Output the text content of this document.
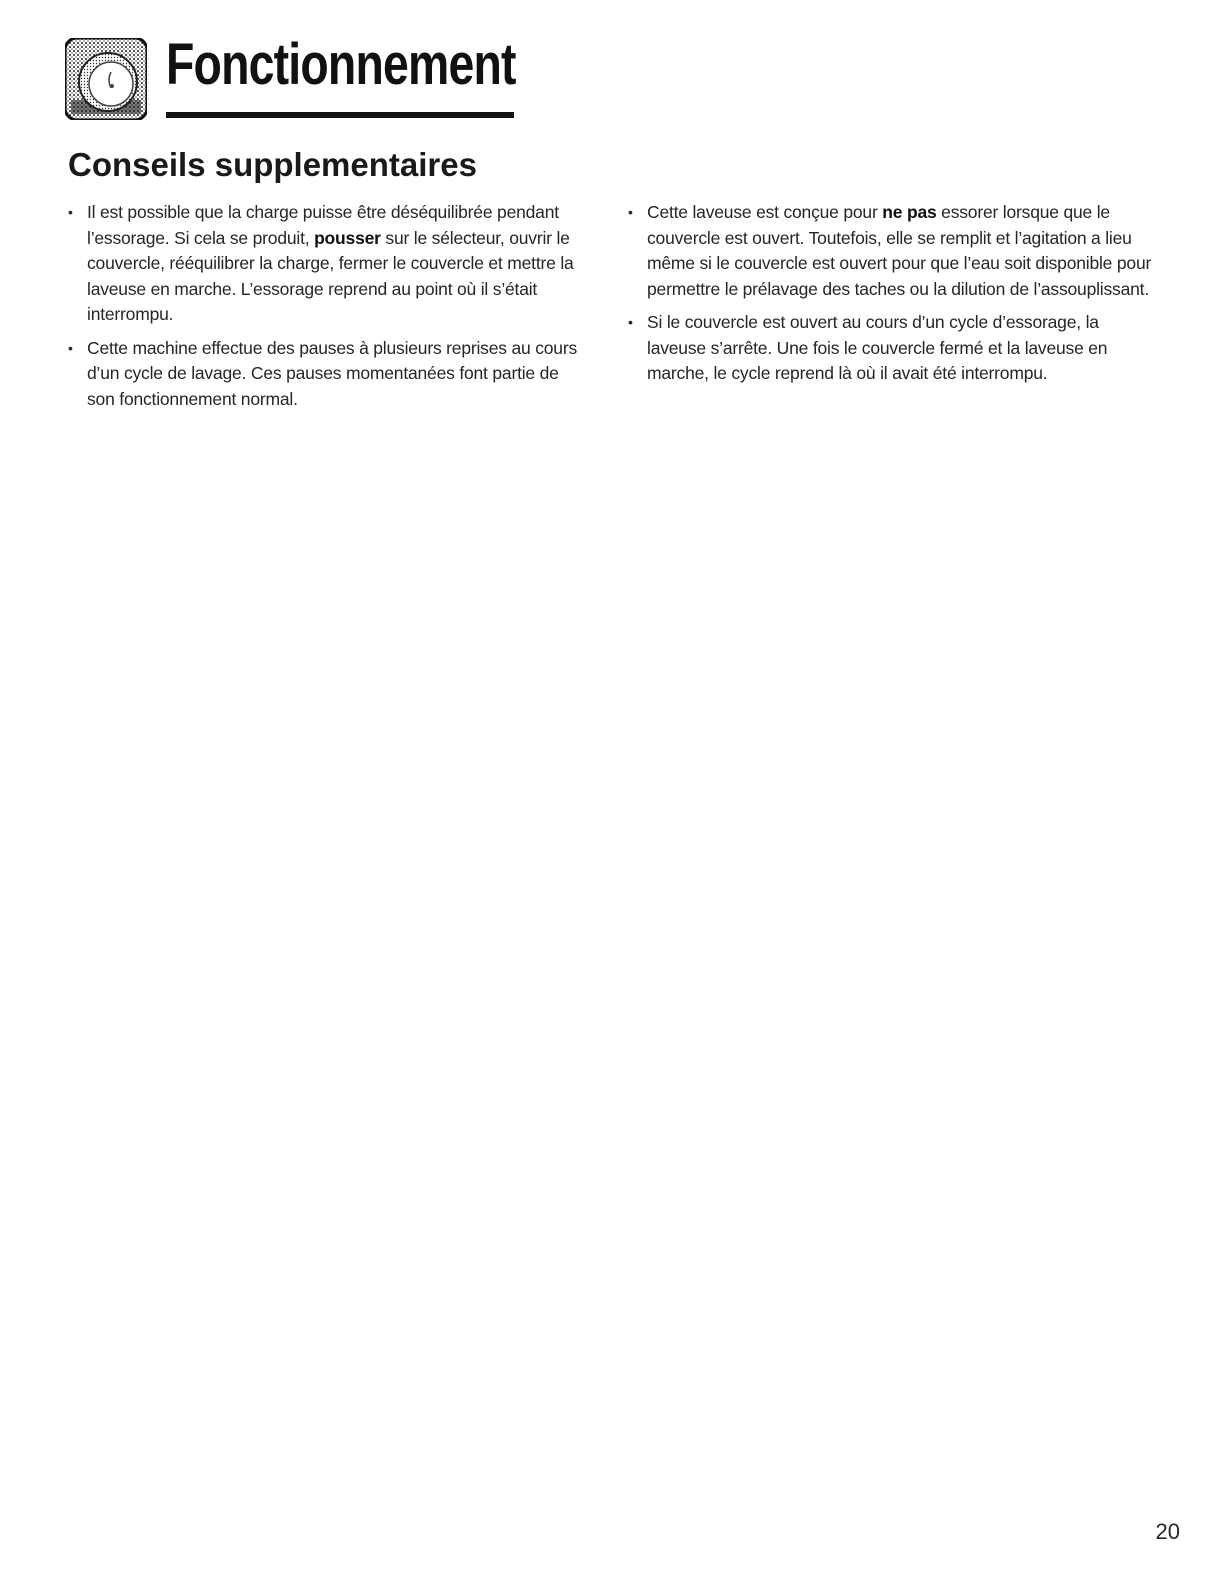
Fonctionnement
Conseils supplementaires
• Il est possible que la charge puisse être déséquilibrée pendant l’essorage. Si cela se produit, pousser sur le sélecteur, ouvrir le couvercle, rééquilibrer la charge, fermer le couvercle et mettre la laveuse en marche. L’essorage reprend au point où il s’était interrompu.
• Cette machine effectue des pauses à plusieurs reprises au cours d’un cycle de lavage. Ces pauses momentanées font partie de son fonctionnement normal.
• Cette laveuse est conçue pour ne pas essorer lorsque que le couvercle est ouvert. Toutefois, elle se remplit et l’agitation a lieu même si le couvercle est ouvert pour que l’eau soit disponible pour permettre le prélavage des taches ou la dilution de l’assouplissant.
• Si le couvercle est ouvert au cours d’un cycle d’essorage, la laveuse s’arrête. Une fois le couvercle fermé et la laveuse en marche, le cycle reprend là où il avait été interrompu.
20
